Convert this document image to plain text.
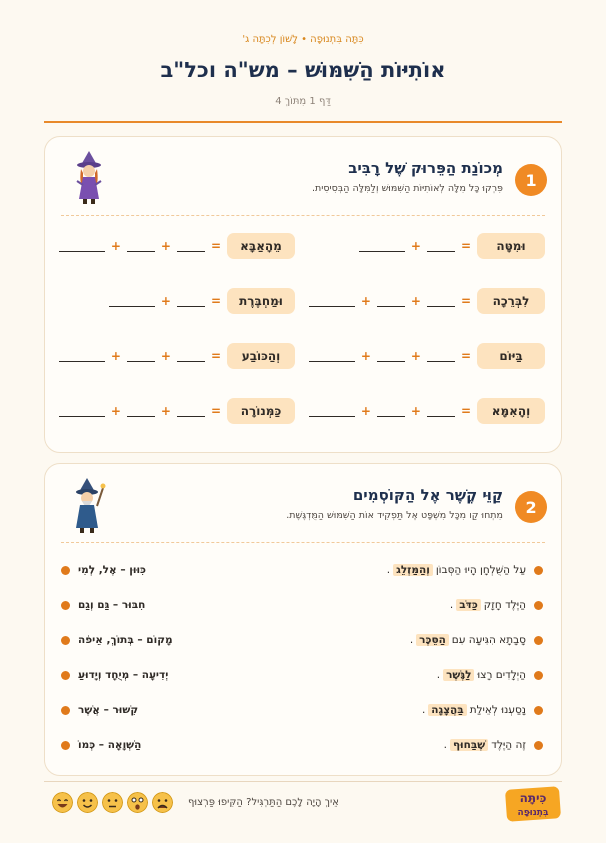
כִּתָּה בִּתְנוּפָה • לָשׁוֹן לְכִתָּה ג'
אוֹתִיּוֹת הַשִּׁמּוּשׁ – מש"ה וכל"ב
דַּף 1 מִתּוֹךְ 4
1
מְכוֹנַת הַפֵּרוּק שֶׁל רָבִּיב
פִּרְקוּ כָּל מִלָּה לְאוֹתִיּוֹת הַשִּׁמּוּשׁ וְלַמִּלָּה הַבְּסִיסִית.
וּמִטָּה
=
+
לִבְּרֵכָה
=
+
+
בַּיּוֹם
=
+
+
וְהָאִמָּא
=
+
+
מֵהָאַבָּא
=
+
+
וּמַחְבֶּרֶת
=
+
וְהַכּוֹבַע
=
+
+
כַּמְּנוֹרָה
=
+
+
2
קַוֵּי קֶשֶׁר אֶל הַקּוֹסְמִים
מִתְחוּ קַו מִכָּל מִשְׁפָּט אֶל תַּפְקִיד אוֹת הַשִּׁמּוּשׁ הַמֻּדְגֶּשֶׁת.
עַל הַשֻּׁלְחָן הָיוּ הַסְּבוֹן
וְהַמַּזְלֵג
.
הַיֶּלֶד חָזָק
כַּדֹּב
.
סָבָתָא הִגִּיעָה עִם
הַסֵּכֶּר
.
הַיְלָדִים רָצוּ
לַגֶּשֶׁר
.
נָסַעְנוּ לְאֵילַת
בַּהֲצָגָה
.
זֶה הַיֶּלֶד
שֶׁבַּחוּף
.
כִּוּוּן – אֶל, לְמִי
חִבּוּר – גַּם וְגַם
מָקוֹם – בְּתוֹךְ, אֵיפֹה
יְדִיעָה – מְיֻחָד וְיָדוּעַ
קִשּׁוּר – אֲשֶׁר
הַשְׁוָאָה – כְּמוֹ
אֵיךְ הָיָה לָכֶם הַתַּרְגִּיל? הַקִּיפוּ פַּרְצוּף	כִּיתָּה
בִּתְנוּפָה
